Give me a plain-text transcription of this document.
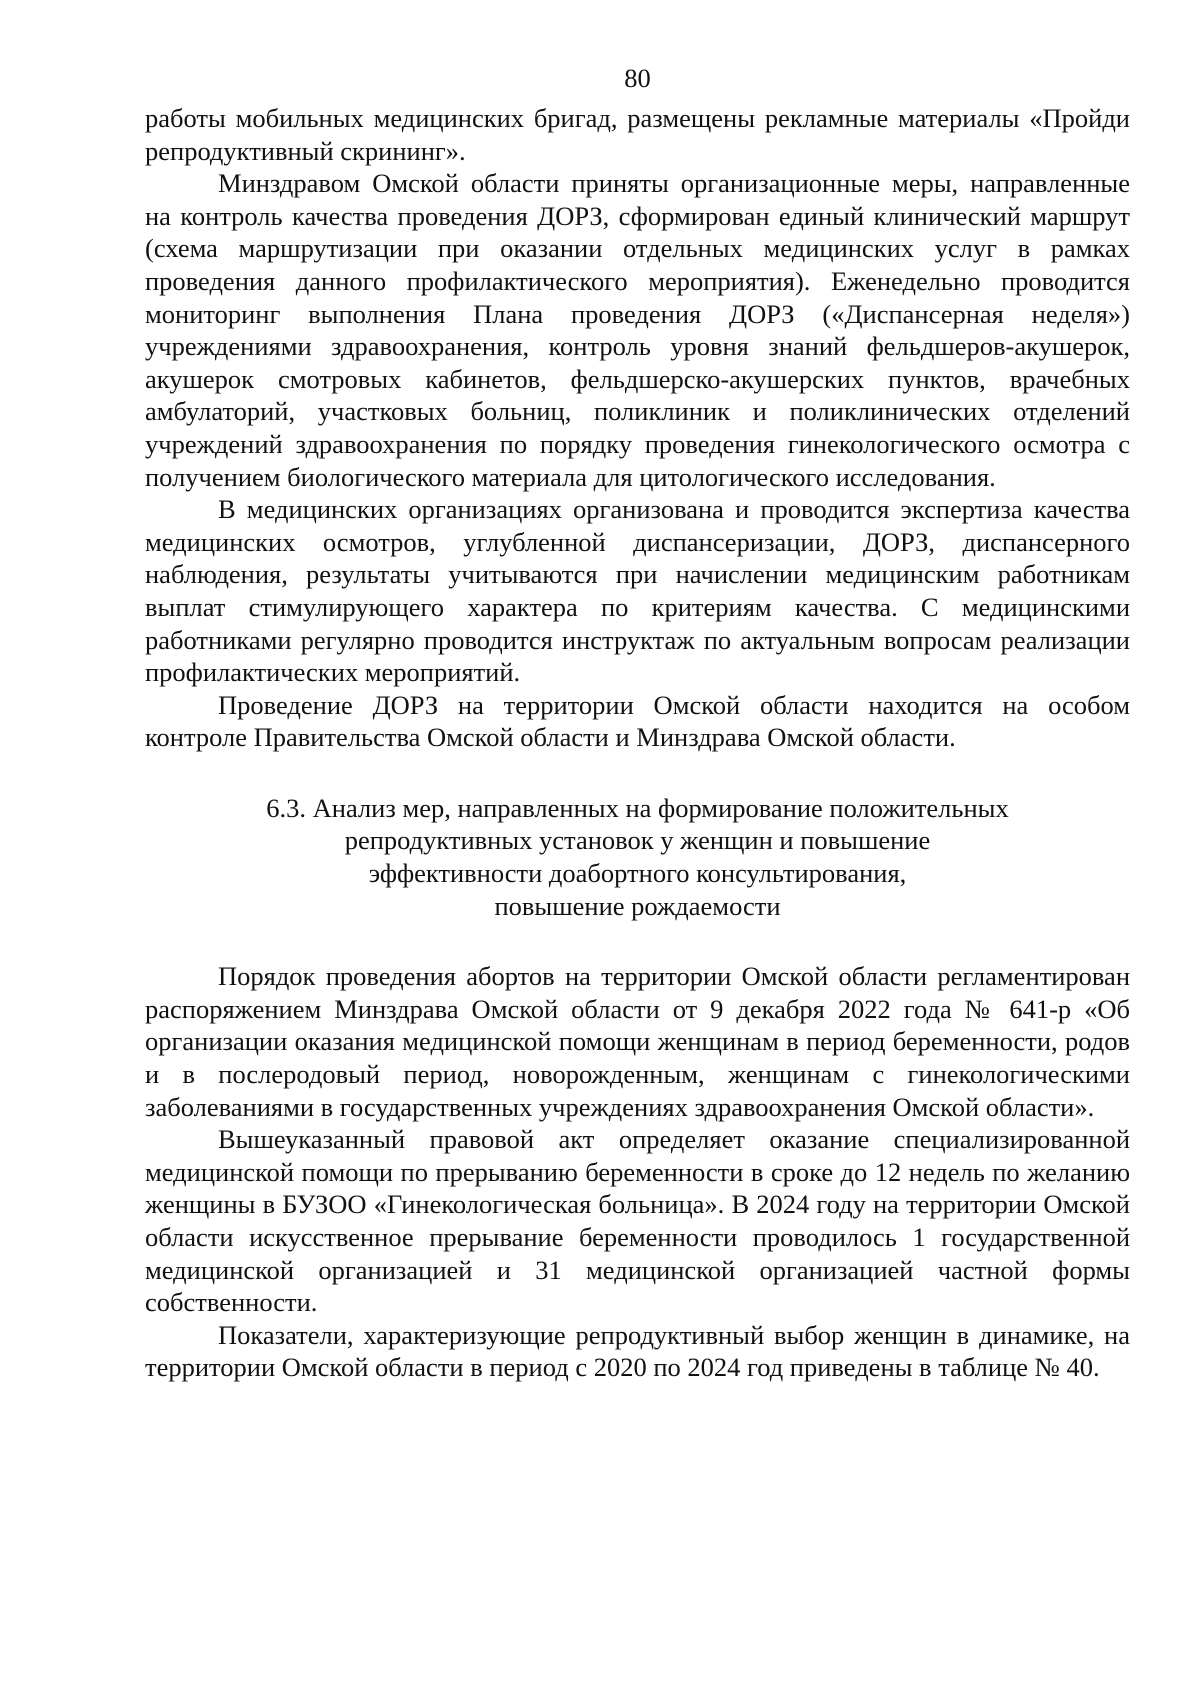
80

работы мобильных медицинских бригад, размещены рекламные материалы «Пройди репродуктивный скрининг».

Минздравом Омской области приняты организационные меры, направленные на контроль качества проведения ДОРЗ, сформирован единый клинический маршрут (схема маршрутизации при оказании отдельных медицинских услуг в рамках проведения данного профилактического мероприятия). Еженедельно проводится мониторинг выполнения Плана проведения ДОРЗ («Диспансерная неделя») учреждениями здравоохранения, контроль уровня знаний фельдшеров-акушерок, акушерок смотровых кабинетов, фельдшерско-акушерских пунктов, врачебных амбулаторий, участковых больниц, поликлиник и поликлинических отделений учреждений здравоохранения по порядку проведения гинекологического осмотра с получением биологического материала для цитологического исследования.

В медицинских организациях организована и проводится экспертиза качества медицинских осмотров, углубленной диспансеризации, ДОРЗ, диспансерного наблюдения, результаты учитываются при начислении медицинским работникам выплат стимулирующего характера по критериям качества. С медицинскими работниками регулярно проводится инструктаж по актуальным вопросам реализации профилактических мероприятий.

Проведение ДОРЗ на территории Омской области находится на особом контроле Правительства Омской области и Минздрава Омской области.

6.3. Анализ мер, направленных на формирование положительных
репродуктивных установок у женщин и повышение
эффективности доабортного консультирования,
повышение рождаемости

Порядок проведения абортов на территории Омской области регламентирован распоряжением Минздрава Омской области от 9 декабря 2022 года № 641-р «Об организации оказания медицинской помощи женщинам в период беременности, родов и в послеродовый период, новорожденным, женщинам с гинекологическими заболеваниями в государственных учреждениях здравоохранения Омской области».

Вышеуказанный правовой акт определяет оказание специализированной медицинской помощи по прерыванию беременности в сроке до 12 недель по желанию женщины в БУЗОО «Гинекологическая больница». В 2024 году на территории Омской области искусственное прерывание беременности проводилось 1 государственной медицинской организацией и 31 медицинской организацией частной формы собственности.

Показатели, характеризующие репродуктивный выбор женщин в динамике, на территории Омской области в период с 2020 по 2024 год приведены в таблице № 40.
